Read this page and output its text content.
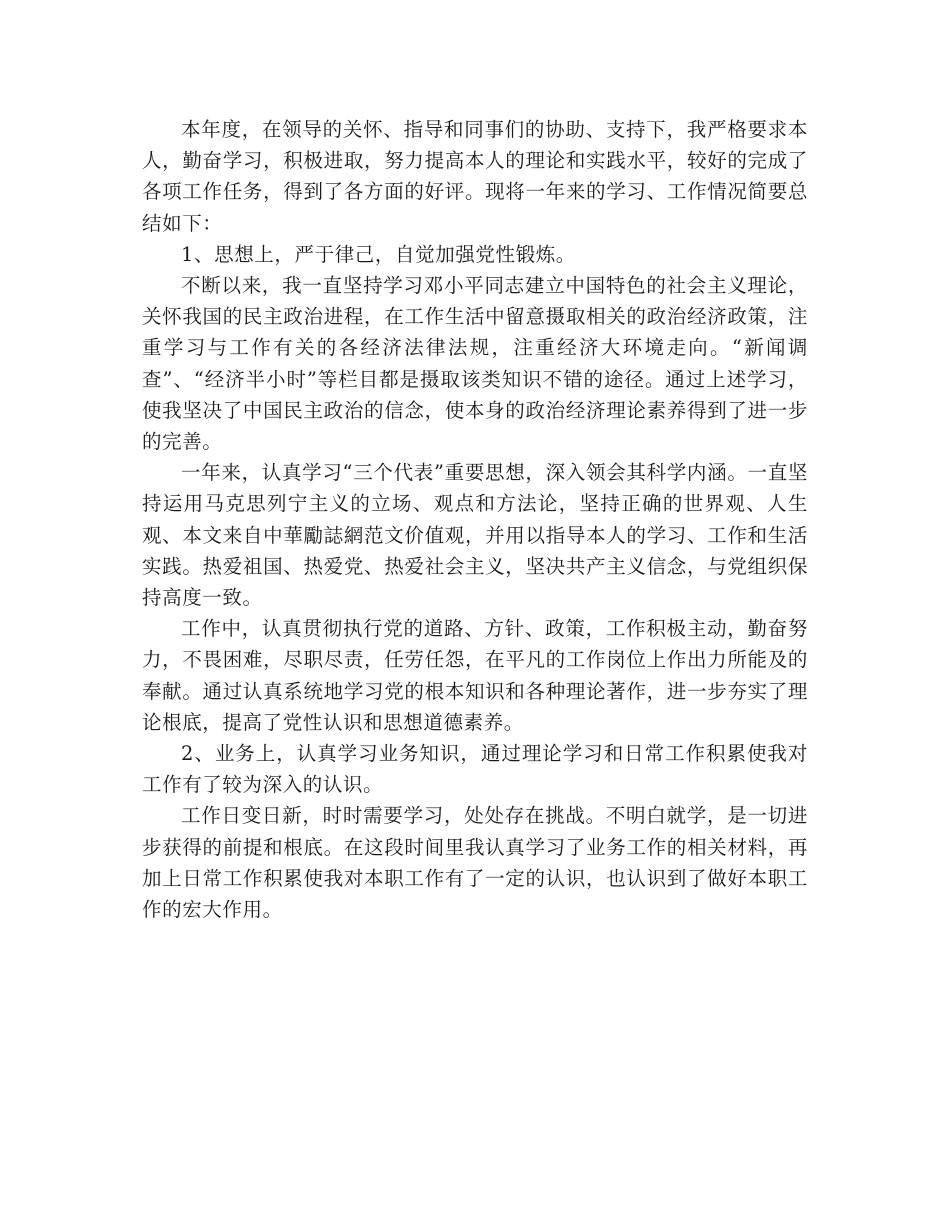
本年度，在领导的关怀、指导和同事们的协助、支持下，我严格要求本人，勤奋学习，积极进取，努力提高本人的理论和实践水平，较好的完成了各项工作任务，得到了各方面的好评。现将一年来的学习、工作情况简要总结如下：

1、思想上，严于律己，自觉加强党性锻炼。

不断以来，我一直坚持学习邓小平同志建立中国特色的社会主义理论，关怀我国的民主政治进程，在工作生活中留意摄取相关的政治经济政策，注重学习与工作有关的各经济法律法规，注重经济大环境走向。“新闻调查”、“经济半小时”等栏目都是摄取该类知识不错的途径。通过上述学习，使我坚决了中国民主政治的信念，使本身的政治经济理论素养得到了进一步的完善。

一年来，认真学习“三个代表”重要思想，深入领会其科学内涵。一直坚持运用马克思列宁主义的立场、观点和方法论，坚持正确的世界观、人生观、本文来自中華勵誌網范文价值观，并用以指导本人的学习、工作和生活实践。热爱祖国、热爱党、热爱社会主义，坚决共产主义信念，与党组织保持高度一致。

工作中，认真贯彻执行党的道路、方针、政策，工作积极主动，勤奋努力，不畏困难，尽职尽责，任劳任怨，在平凡的工作岗位上作出力所能及的奉献。通过认真系统地学习党的根本知识和各种理论著作，进一步夯实了理论根底，提高了党性认识和思想道德素养。

2、业务上，认真学习业务知识，通过理论学习和日常工作积累使我对工作有了较为深入的认识。

工作日变日新，时时需要学习，处处存在挑战。不明白就学，是一切进步获得的前提和根底。在这段时间里我认真学习了业务工作的相关材料，再加上日常工作积累使我对本职工作有了一定的认识，也认识到了做好本职工作的宏大作用。
